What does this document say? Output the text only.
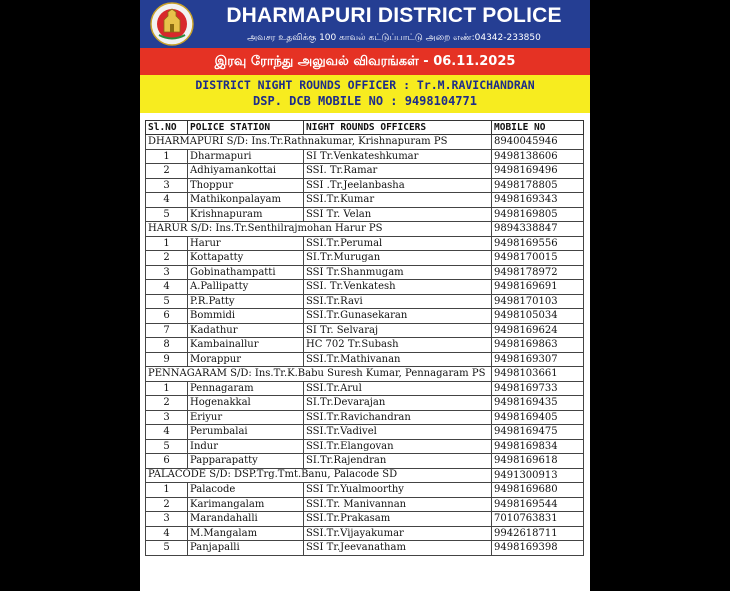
DHARMAPURI DISTRICT POLICE
அவசர உதவிக்கு 100 காவல் கட்டுப்பாட்டு அறை எண்:04342-233850
இரவு ரோந்து அலுவல் விவரங்கள் - 06.11.2025
DISTRICT NIGHT ROUNDS OFFICER : Tr.M.RAVICHANDRAN
DSP. DCB MOBILE NO : 9498104771
Sl.NO	POLICE STATION	NIGHT ROUNDS OFFICERS	MOBILE NO
DHARMAPURI S/D: Ins.Tr.Rathnakumar, Krishnapuram PS			8940045946
1	Dharmapuri	SI Tr.Venkateshkumar	9498138606
2	Adhiyamankottai	SSI. Tr.Ramar	9498169496
3	Thoppur	SSI .Tr.Jeelanbasha	9498178805
4	Mathikonpalayam	SSI.Tr.Kumar	9498169343
5	Krishnapuram	SSI Tr. Velan	9498169805
HARUR S/D: Ins.Tr.Senthilrajmohan Harur PS			9894338847
1	Harur	SSI.Tr.Perumal	9498169556
2	Kottapatty	SI.Tr.Murugan	9498170015
3	Gobinathampatti	SSI Tr.Shanmugam	9498178972
4	A.Pallipatty	SSI. Tr.Venkatesh	9498169691
5	P.R.Patty	SSI.Tr.Ravi	9498170103
6	Bommidi	SSI.Tr.Gunasekaran	9498105034
7	Kadathur	SI Tr. Selvaraj	9498169624
8	Kambainallur	HC 702 Tr.Subash	9498169863
9	Morappur	SSI.Tr.Mathivanan	9498169307
PENNAGARAM S/D: Ins.Tr.K.Babu Suresh Kumar, Pennagaram PS			9498103661
1	Pennagaram	SSI.Tr.Arul	9498169733
2	Hogenakkal	SI.Tr.Devarajan	9498169435
3	Eriyur	SSI.Tr.Ravichandran	9498169405
4	Perumbalai	SSI.Tr.Vadivel	9498169475
5	Indur	SSI.Tr.Elangovan	9498169834
6	Papparapatty	SI.Tr.Rajendran	9498169618
PALACODE S/D: DSP.Trg.Tmt.Banu, Palacode SD			9491300913
1	Palacode	SSI Tr.Yualmoorthy	9498169680
2	Karimangalam	SSI.Tr. Manivannan	9498169544
3	Marandahalli	SSI.Tr.Prakasam	7010763831
4	M.Mangalam	SSI.Tr.Vijayakumar	9942618711
5	Panjapalli	SSI Tr.Jeevanatham	9498169398
